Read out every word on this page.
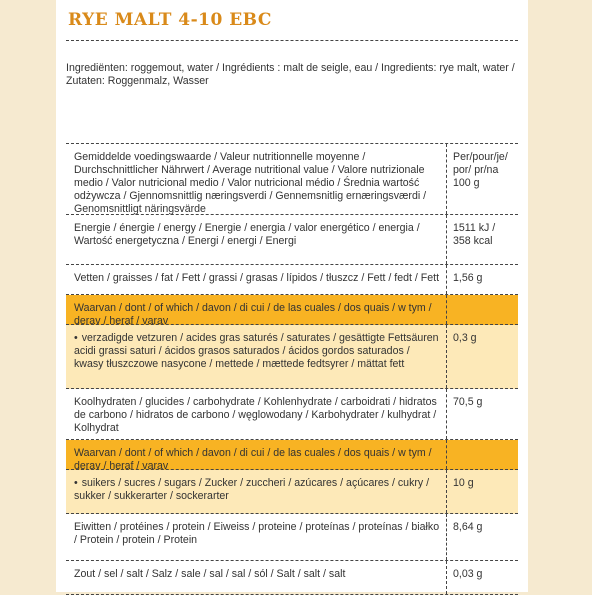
RYE MALT 4-10 EBC
Ingrediënten: roggemout, water / Ingrédients : malt de seigle, eau / Ingredients: rye malt, water / Zutaten: Roggenmalz, Wasser
Gemiddelde voedingswaarde / Valeur nutritionnelle moyenne / Durchschnittlicher Nährwert / Average nutritional value / Valore nutrizionale medio / Valor nutricional medio / Valor nutricional médio / Średnia wartość odżywcza / Gjennomsnittlig næringsverdi / Gennemsnitlig ernæringsværdi / Genomsnittligt näringsvärde
Per/pour/je/ por/ pr/na 100 g
Energie / énergie / energy / Energie / energia / valor energético / energia / Wartość energetyczna / Energi / energi / Energi
1511 kJ / 358 kcal
Vetten / graisses / fat / Fett / grassi / grasas / lípidos / tłuszcz / Fett / fedt / Fett	1,56 g
Waarvan / dont / of which / davon / di cui / de las cuales / dos quais / w tym / derav / heraf / varav
• verzadigde vetzuren / acides gras saturés / saturates / gesättigte Fettsäuren acidi grassi saturi / ácidos grasos saturados / ácidos gordos saturados / kwasy tłuszczowe nasycone / mettede / mættede fedtsyrer / mättat fett
0,3 g
Koolhydraten / glucides / carbohydrate / Kohlenhydrate / carboidrati / hidratos de carbono / hidratos de carbono / węglowodany / Karbohydrater / kulhydrat / Kolhydrat
70,5 g
Waarvan / dont / of which / davon / di cui / de las cuales / dos quais / w tym / derav / heraf / varav
• suikers / sucres / sugars / Zucker / zuccheri / azúcares / açúcares / cukry / sukker / sukkerarter / sockerarter
10 g
Eiwitten / protéines / protein / Eiweiss / proteine / proteínas / proteínas / białko / Protein / protein / Protein
8,64 g
Zout / sel / salt / Salz / sale / sal / sal / sól / Salt / salt / salt	0,03 g
